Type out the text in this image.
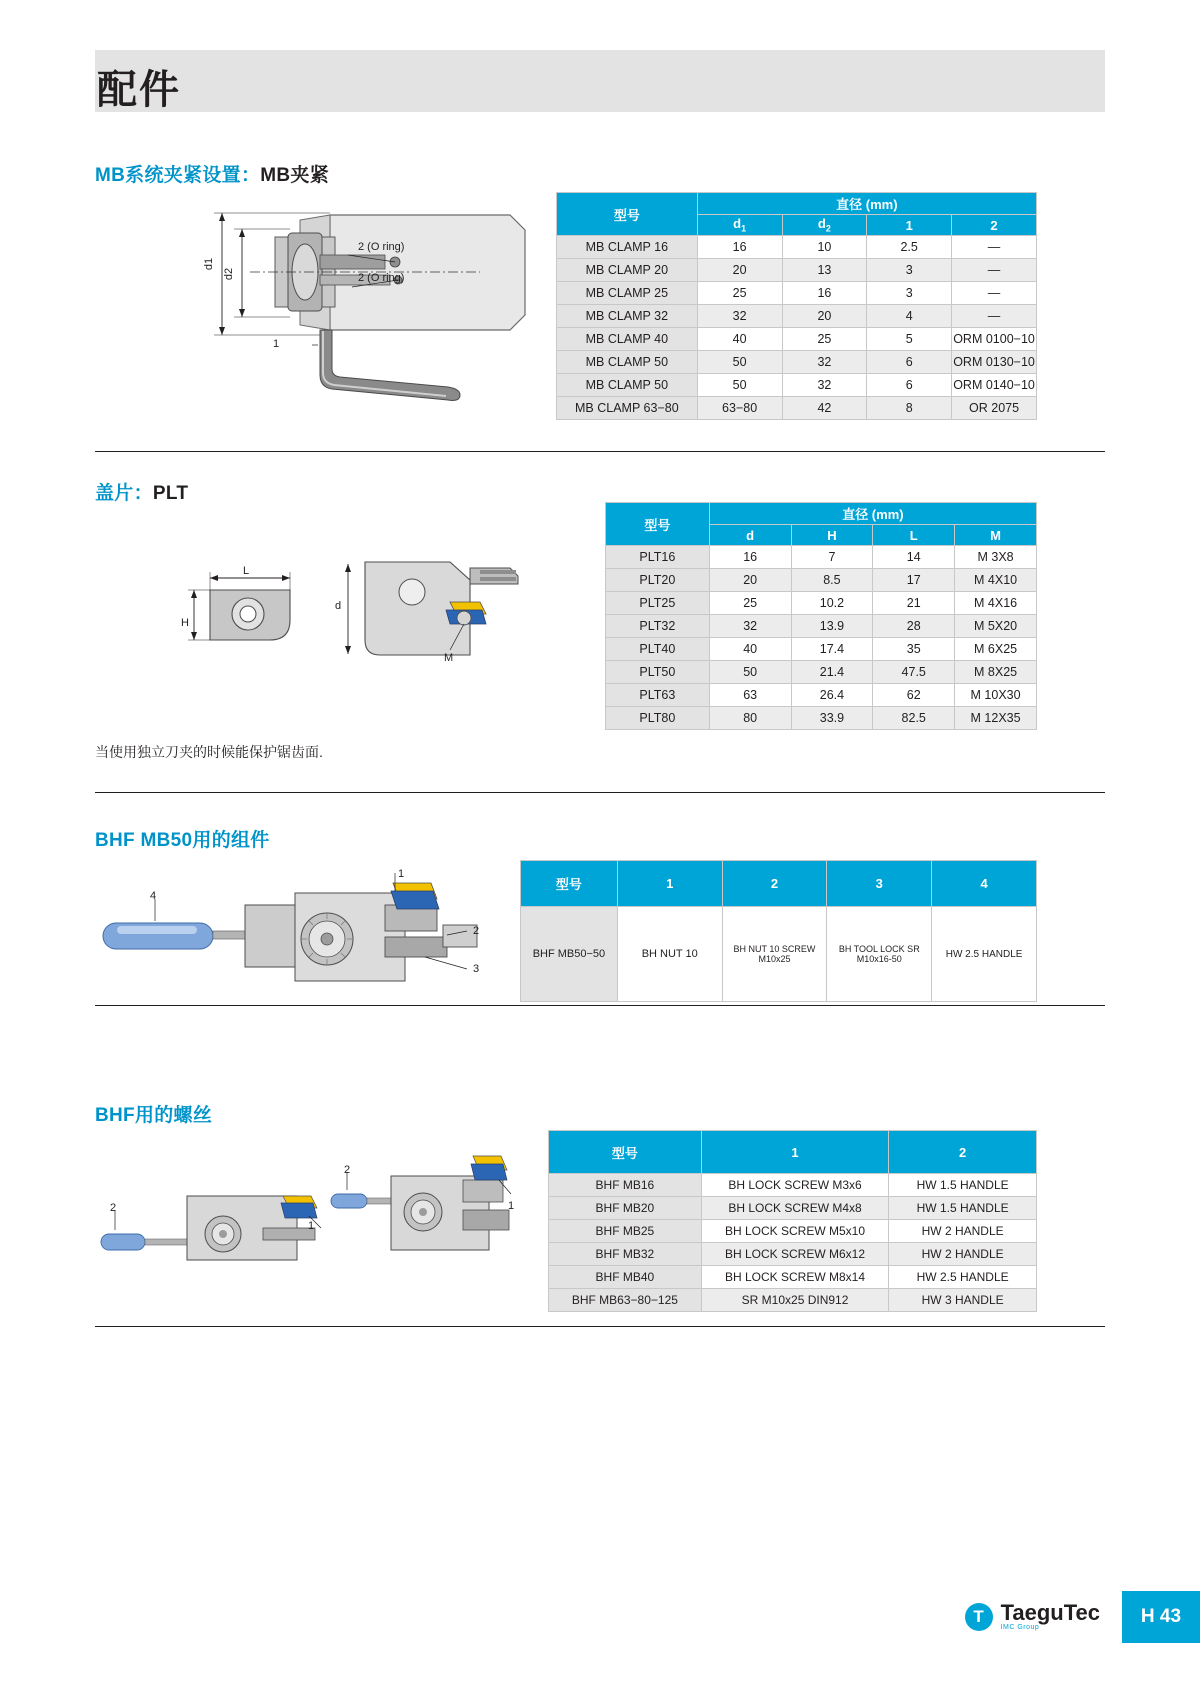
配件
MB系统夹紧设置：MB夹紧
d1
d2
2 (O ring)
2 (O ring)
1
型号	直径 (mm)			
	$d_1$	$d_2$	1	2
MB CLAMP 16	16	10	2.5	—
MB CLAMP 20	20	13	3	—
MB CLAMP 25	25	16	3	—
MB CLAMP 32	32	20	4	—
MB CLAMP 40	40	25	5	ORM 0100−10
MB CLAMP 50	50	32	6	ORM 0130−10
MB CLAMP 50	50	32	6	ORM 0140−10
MB CLAMP 63−80	63−80	42	8	OR 2075
盖片：PLT
L
H
d
M
型号	直径 (mm)			
	d	H	L	M
PLT16	16	7	14	M 3X8
PLT20	20	8.5	17	M 4X10
PLT25	25	10.2	21	M 4X16
PLT32	32	13.9	28	M 5X20
PLT40	40	17.4	35	M 6X25
PLT50	50	21.4	47.5	M 8X25
PLT63	63	26.4	62	M 10X30
PLT80	80	33.9	82.5	M 12X35
当使用独立刀夹的时候能保护锯齿面.
BHF MB50用的组件
1
2
3
4
型号	1	2	3	4
BHF MB50−50	BH NUT 10	BH NUT 10 SCREW M10x25	BH TOOL LOCK SR M10x16-50	HW 2.5 HANDLE
BHF用的螺丝
2
1
2
1
型号	1	2
BHF MB16	BH LOCK SCREW M3x6	HW 1.5 HANDLE
BHF MB20	BH LOCK SCREW M4x8	HW 1.5 HANDLE
BHF MB25	BH LOCK SCREW M5x10	HW 2 HANDLE
BHF MB32	BH LOCK SCREW M6x12	HW 2 HANDLE
BHF MB40	BH LOCK SCREW M8x14	HW 2.5 HANDLE
BHF MB63−80−125	SR M10x25 DIN912	HW 3 HANDLE
T TaeguTec
IMC Group
H 43
